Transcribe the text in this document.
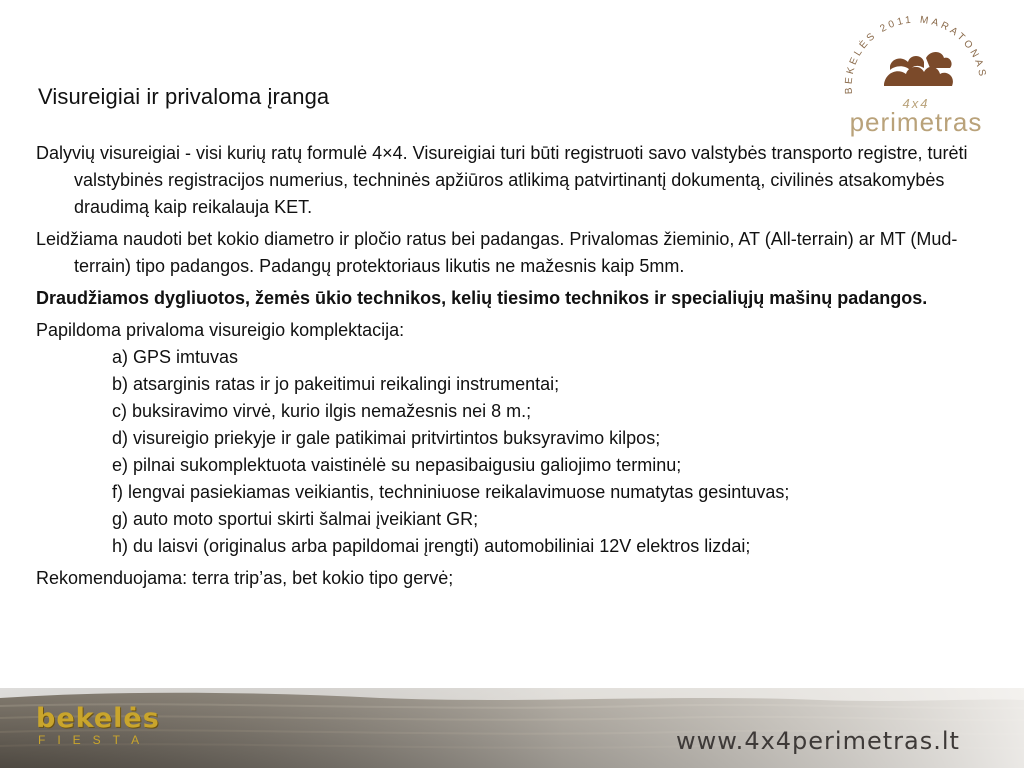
Visureigiai ir privaloma įranga	BEKELĖS 2011 MARATONAS
4x4
perimetras

Dalyvių visureigiai - visi kurių ratų formulė 4×4. Visureigiai turi būti registruoti savo valstybės transporto registre, turėti valstybinės registracijos numerius, techninės apžiūros atlikimą patvirtinantį dokumentą, civilinės atsakomybės draudimą kaip reikalauja KET.

Leidžiama naudoti bet kokio diametro ir pločio ratus bei padangas. Privalomas žieminio, AT (All-terrain) ar MT (Mud-terrain) tipo padangos. Padangų protektoriaus likutis ne mažesnis kaip 5mm.

Draudžiamos dygliuotos, žemės ūkio technikos, kelių tiesimo technikos ir specialiųjų mašinų padangos.

Papildoma privaloma visureigio komplektacija:
a) GPS imtuvas
b) atsarginis ratas ir jo pakeitimui reikalingi instrumentai;
c) buksiravimo virvė, kurio ilgis nemažesnis nei 8 m.;
d) visureigio priekyje ir gale patikimai pritvirtintos buksyravimo kilpos;
e) pilnai sukomplektuota vaistinėlė su nepasibaigusiu galiojimo terminu;
f) lengvai pasiekiamas veikiantis, techniniuose reikalavimuose numatytas gesintuvas;
g) auto moto sportui skirti šalmai įveikiant GR;
h) du laisvi (originalus arba papildomai įrengti) automobiliniai 12V elektros lizdai;

Rekomenduojama: terra trip’as, bet kokio tipo gervė;

bekelės
FIESTA	www.4x4perimetras.lt
